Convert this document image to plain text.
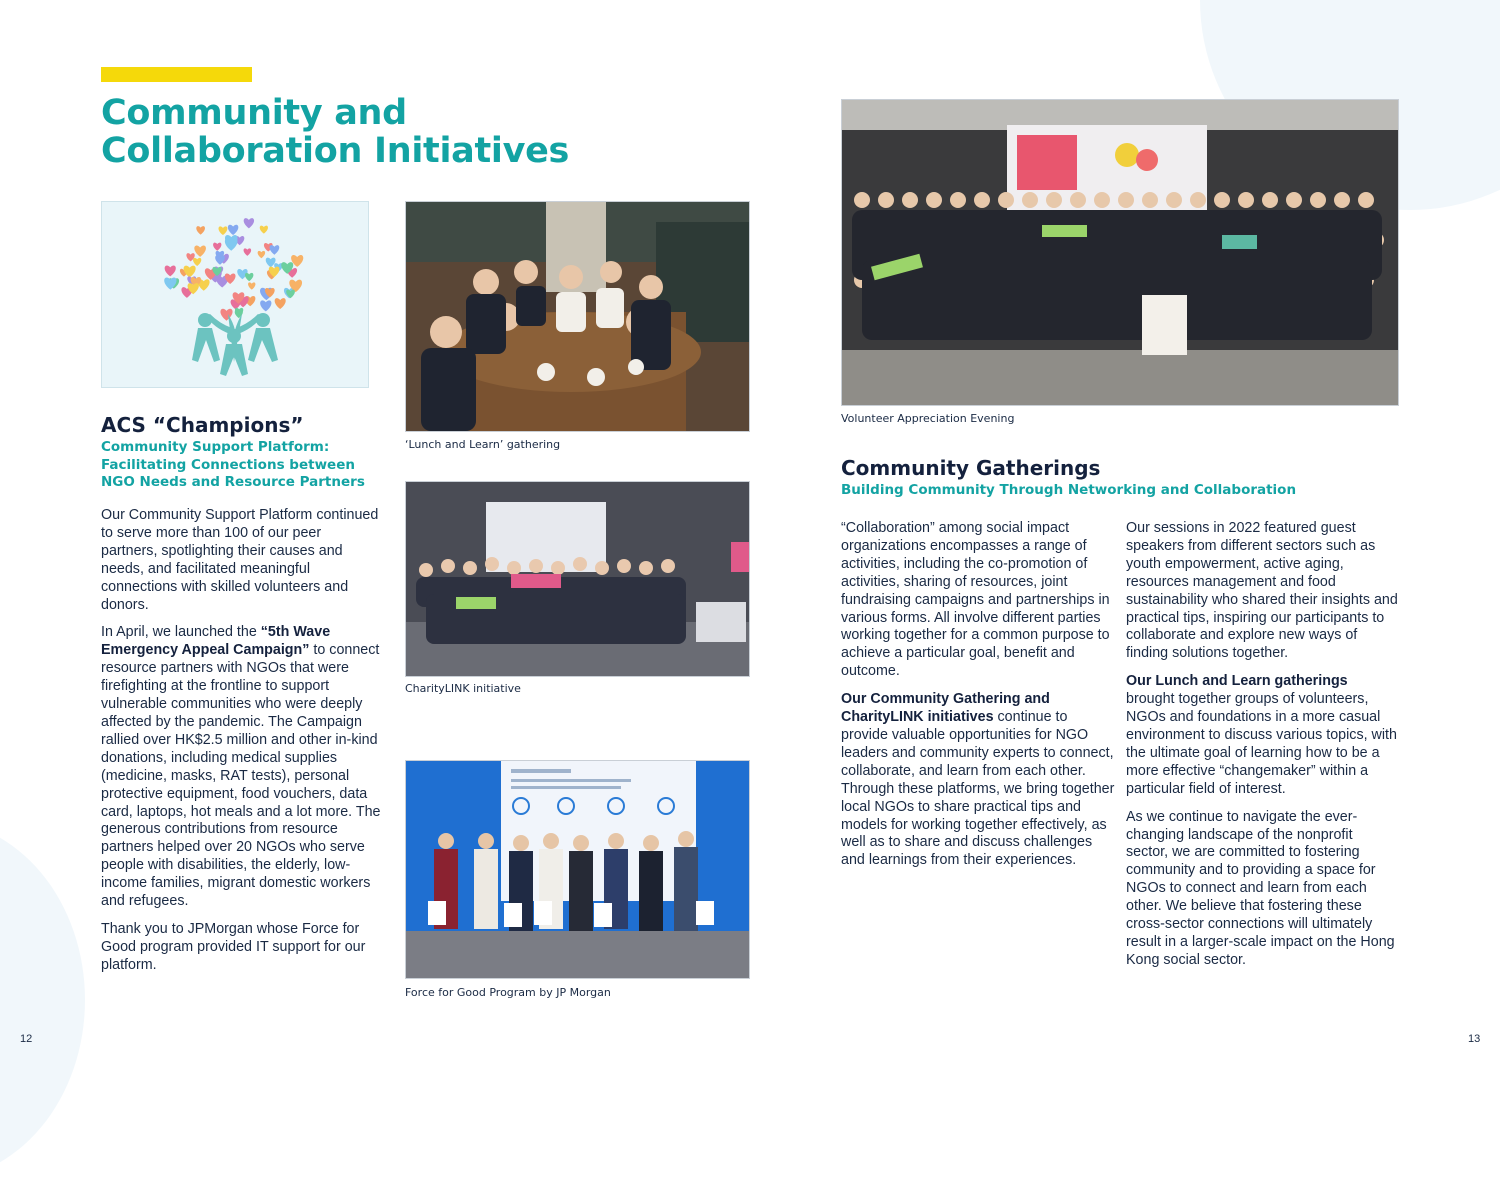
Community and Collaboration Initiatives
‘Lunch and Learn’ gathering
CharityLINK initiative
Force for Good Program by JP Morgan
Volunteer Appreciation Evening
ACS “Champions”
Community Support Platform:
Facilitating Connections between
NGO Needs and Resource Partners

Our Community Support Platform continued to serve more than 100 of our peer partners, spotlighting their causes and needs, and facilitated meaningful connections with skilled volunteers and donors.

In April, we launched the “5th Wave Emergency Appeal Campaign” to connect resource partners with NGOs that were firefighting at the frontline to support vulnerable communities who were deeply affected by the pandemic. The Campaign rallied over HK$2.5 million and other in-kind donations, including medical supplies (medicine, masks, RAT tests), personal protective equipment, food vouchers, data card, laptops, hot meals and a lot more. The generous contributions from resource partners helped over 20 NGOs who serve people with disabilities, the elderly, low-income families, migrant domestic workers and refugees.

Thank you to JPMorgan whose Force for Good program provided IT support for our platform.

Community Gatherings
Building Community Through Networking and Collaboration

“Collaboration” among social impact organizations encompasses a range of activities, including the co-promotion of activities, sharing of resources, joint fundraising campaigns and partnerships in various forms. All involve different parties working together for a common purpose to achieve a particular goal, benefit and outcome.

Our Community Gathering and CharityLINK initiatives continue to provide valuable opportunities for NGO leaders and community experts to connect, collaborate, and learn from each other. Through these platforms, we bring together local NGOs to share practical tips and models for working together effectively, as well as to share and discuss challenges and learnings from their experiences.

Our sessions in 2022 featured guest speakers from different sectors such as youth empowerment, active aging, resources management and food sustainability who shared their insights and practical tips, inspiring our participants to collaborate and explore new ways of finding solutions together.

Our Lunch and Learn gatherings brought together groups of volunteers, NGOs and foundations in a more casual environment to discuss various topics, with the ultimate goal of learning how to be a more effective “changemaker” within a particular field of interest.

As we continue to navigate the ever-changing landscape of the nonprofit sector, we are committed to fostering community and to providing a space for NGOs to connect and learn from each other. We believe that fostering these cross-sector connections will ultimately result in a larger-scale impact on the Hong Kong social sector.

12	13
